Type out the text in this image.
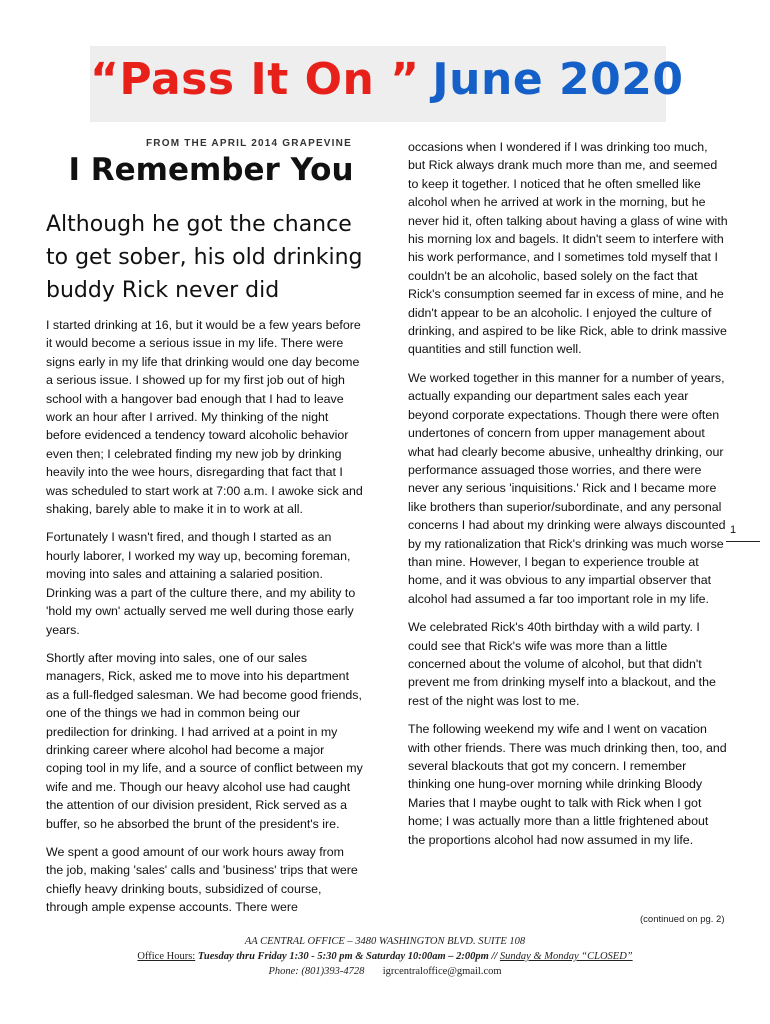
“Pass It On ” June 2020
FROM THE APRIL 2014 GRAPEVINE
I Remember You
Although he got the chance to get sober, his old drinking buddy Rick never did

I started drinking at 16, but it would be a few years before it would become a serious issue in my life. There were signs early in my life that drinking would one day become a serious issue. I showed up for my first job out of high school with a hangover bad enough that I had to leave work an hour after I arrived. My thinking of the night before evidenced a tendency toward alcoholic behavior even then; I celebrated finding my new job by drinking heavily into the wee hours, disregarding that fact that I was scheduled to start work at 7:00 a.m. I awoke sick and shaking, barely able to make it in to work at all.

Fortunately I wasn't fired, and though I started as an hourly laborer, I worked my way up, becoming foreman, moving into sales and attaining a salaried position. Drinking was a part of the culture there, and my ability to 'hold my own' actually served me well during those early years.

Shortly after moving into sales, one of our sales managers, Rick, asked me to move into his department as a full-fledged salesman. We had become good friends, one of the things we had in common being our predilection for drinking. I had arrived at a point in my drinking career where alcohol had become a major coping tool in my life, and a source of conflict between my wife and me. Though our heavy alcohol use had caught the attention of our division president, Rick served as a buffer, so he absorbed the brunt of the president's ire.

We spent a good amount of our work hours away from the job, making 'sales' calls and 'business' trips that were chiefly heavy drinking bouts, subsidized of course, through ample expense accounts. There were

occasions when I wondered if I was drinking too much, but Rick always drank much more than me, and seemed to keep it together. I noticed that he often smelled like alcohol when he arrived at work in the morning, but he never hid it, often talking about having a glass of wine with his morning lox and bagels. It didn't seem to interfere with his work performance, and I sometimes told myself that I couldn't be an alcoholic, based solely on the fact that Rick's consumption seemed far in excess of mine, and he didn't appear to be an alcoholic. I enjoyed the culture of drinking, and aspired to be like Rick, able to drink massive quantities and still function well.

We worked together in this manner for a number of years, actually expanding our department sales each year beyond corporate expectations. Though there were often undertones of concern from upper management about what had clearly become abusive, unhealthy drinking, our performance assuaged those worries, and there were never any serious 'inquisitions.' Rick and I became more like brothers than superior/subordinate, and any personal concerns I had about my drinking were always discounted by my rationalization that Rick's drinking was much worse than mine. However, I began to experience trouble at home, and it was obvious to any impartial observer that alcohol had assumed a far too important role in my life.

We celebrated Rick's 40th birthday with a wild party. I could see that Rick's wife was more than a little concerned about the volume of alcohol, but that didn't prevent me from drinking myself into a blackout, and the rest of the night was lost to me.

The following weekend my wife and I went on vacation with other friends. There was much drinking then, too, and several blackouts that got my concern. I remember thinking one hung-over morning while drinking Bloody Maries that I maybe ought to talk with Rick when I got home; I was actually more than a little frightened about the proportions alcohol had now assumed in my life.

(continued on pg. 2)
1
AA CENTRAL OFFICE – 3480 WASHINGTON BLVD. SUITE 108
Office Hours: Tuesday thru Friday 1:30 - 5:30 pm & Saturday 10:00am – 2:00pm // Sunday & Monday “CLOSED”
Phone: (801)393-4728 igrcentraloffice@gmail.com
